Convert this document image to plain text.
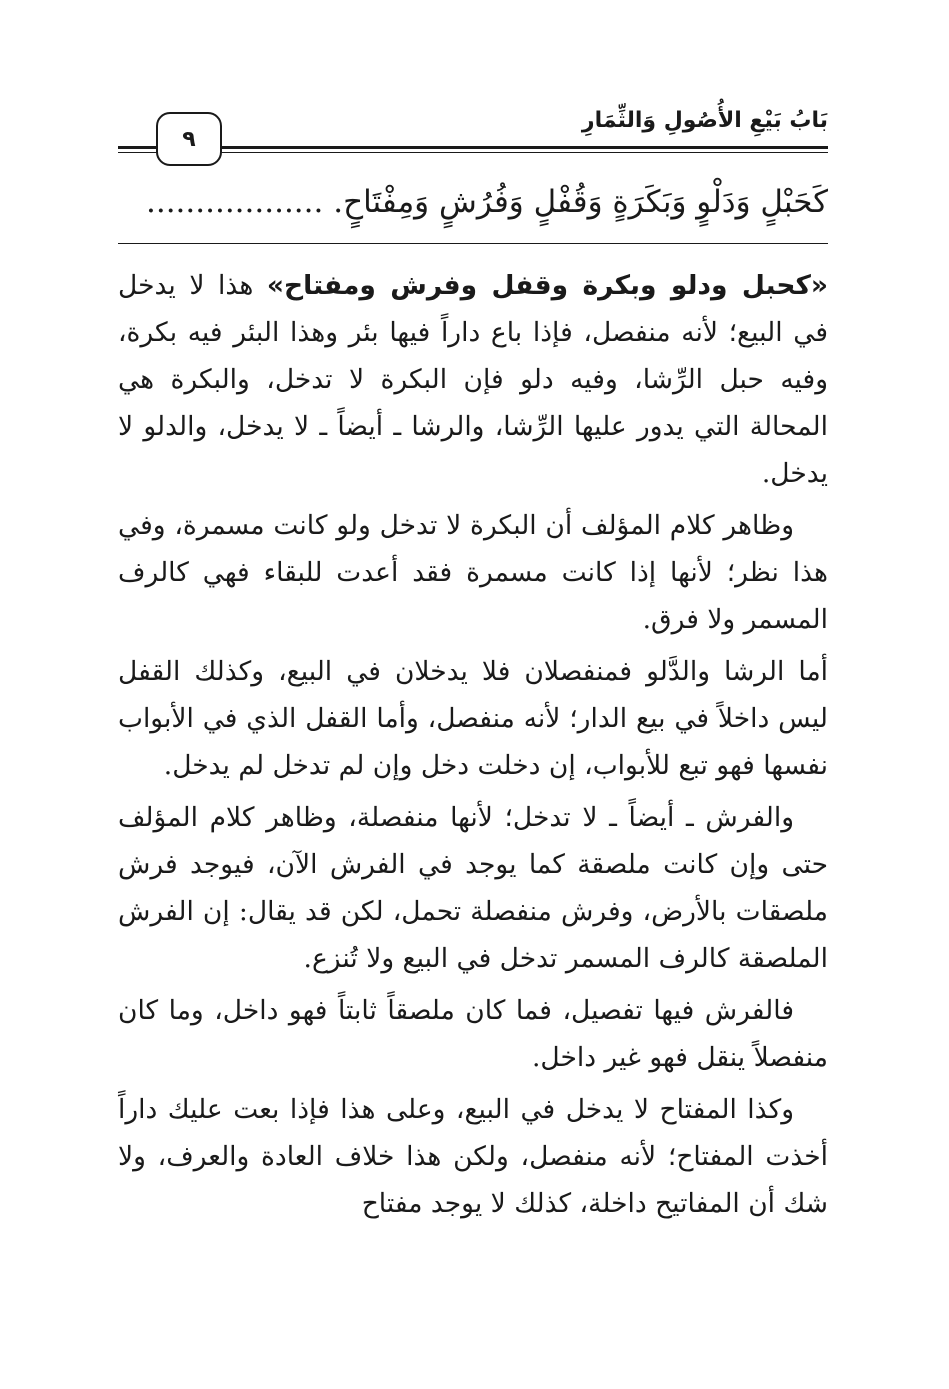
بَابُ بَيْعِ الأُصُولِ وَالثِّمَارِ
٩
كَحَبْلٍ وَدَلْوٍ وَبَكَرَةٍ وَقُفْلٍ وَفُرُشٍ وَمِفْتَاحٍ. ..................

«كحبل ودلو وبكرة وقفل وفرش ومفتاح» هذا لا يدخل في البيع؛ لأنه منفصل، فإذا باع داراً فيها بئر وهذا البئر فيه بكرة، وفيه حبل الرِّشا، وفيه دلو فإن البكرة لا تدخل، والبكرة هي المحالة التي يدور عليها الرِّشا، والرشا ـ أيضاً ـ لا يدخل، والدلو لا يدخل.

وظاهر كلام المؤلف أن البكرة لا تدخل ولو كانت مسمرة، وفي هذا نظر؛ لأنها إذا كانت مسمرة فقد أعدت للبقاء فهي كالرف المسمر ولا فرق.

أما الرشا والدَّلو فمنفصلان فلا يدخلان في البيع، وكذلك القفل ليس داخلاً في بيع الدار؛ لأنه منفصل، وأما القفل الذي في الأبواب نفسها فهو تبع للأبواب، إن دخلت دخل وإن لم تدخل لم يدخل.

والفرش ـ أيضاً ـ لا تدخل؛ لأنها منفصلة، وظاهر كلام المؤلف حتى وإن كانت ملصقة كما يوجد في الفرش الآن، فيوجد فرش ملصقات بالأرض، وفرش منفصلة تحمل، لكن قد يقال: إن الفرش الملصقة كالرف المسمر تدخل في البيع ولا تُنزع.

فالفرش فيها تفصيل، فما كان ملصقاً ثابتاً فهو داخل، وما كان منفصلاً ينقل فهو غير داخل.

وكذا المفتاح لا يدخل في البيع، وعلى هذا فإذا بعت عليك داراً أخذت المفتاح؛ لأنه منفصل، ولكن هذا خلاف العادة والعرف، ولا شك أن المفاتيح داخلة، كذلك لا يوجد مفتاح
